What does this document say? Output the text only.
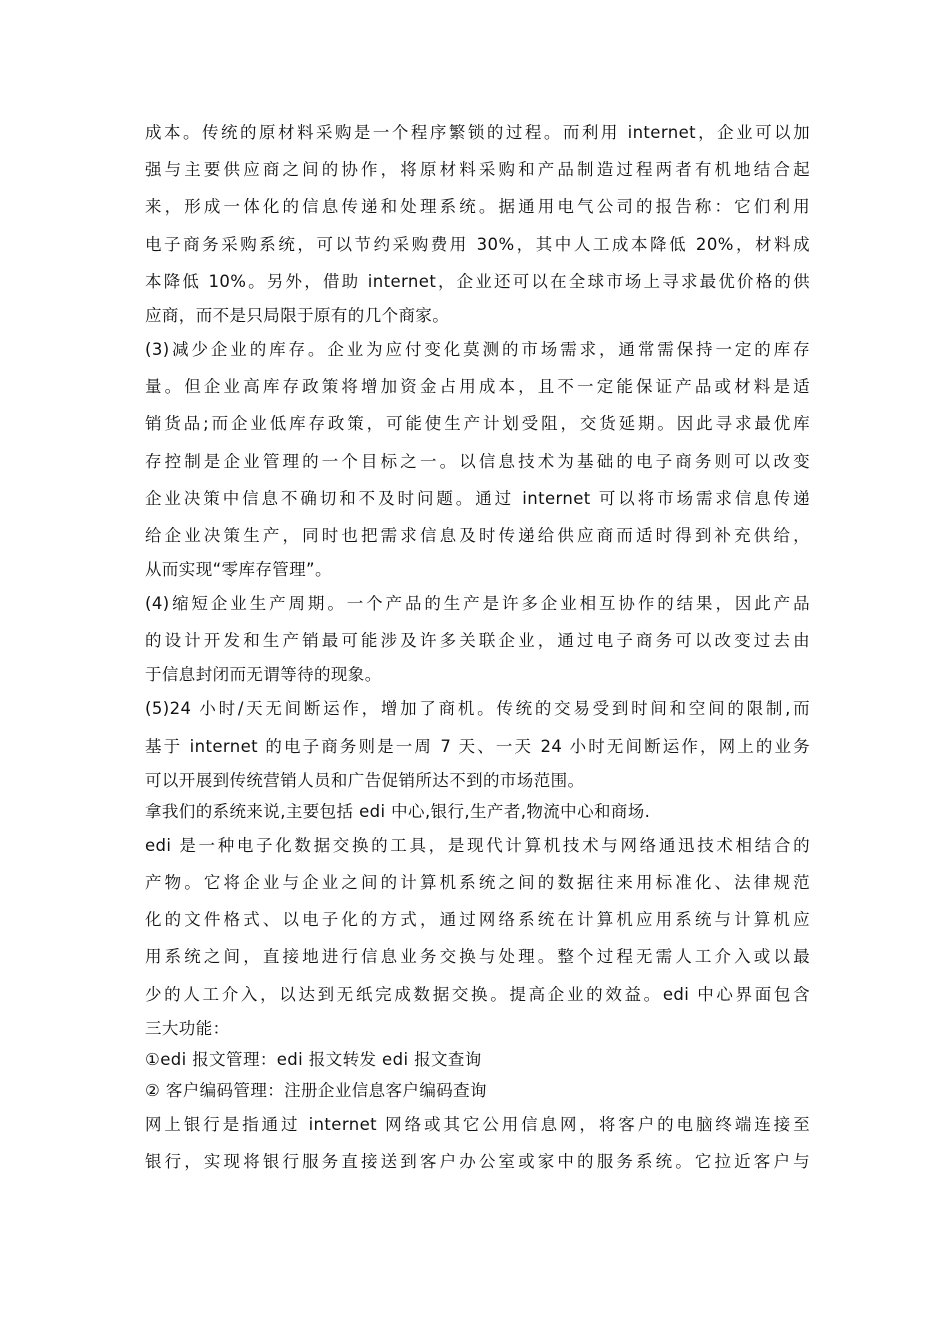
成本。传统的原材料采购是一个程序繁锁的过程。而利用 internet，企业可以加
强与主要供应商之间的协作，将原材料采购和产品制造过程两者有机地结合起
来，形成一体化的信息传递和处理系统。据通用电气公司的报告称：它们利用
电子商务采购系统，可以节约采购费用 30%，其中人工成本降低 20%，材料成
本降低 10%。另外，借助 internet，企业还可以在全球市场上寻求最优价格的供
应商，而不是只局限于原有的几个商家。
(3)减少企业的库存。企业为应付变化莫测的市场需求，通常需保持一定的库存
量。但企业高库存政策将增加资金占用成本，且不一定能保证产品或材料是适
销货品;而企业低库存政策，可能使生产计划受阻，交货延期。因此寻求最优库
存控制是企业管理的一个目标之一。以信息技术为基础的电子商务则可以改变
企业决策中信息不确切和不及时问题。通过 internet 可以将市场需求信息传递
给企业决策生产，同时也把需求信息及时传递给供应商而适时得到补充供给，
从而实现“零库存管理”。
(4)缩短企业生产周期。一个产品的生产是许多企业相互协作的结果，因此产品
的设计开发和生产销最可能涉及许多关联企业，通过电子商务可以改变过去由
于信息封闭而无谓等待的现象。
(5)24 小时/天无间断运作，增加了商机。传统的交易受到时间和空间的限制,而
基于 internet 的电子商务则是一周 7 天、一天 24 小时无间断运作，网上的业务
可以开展到传统营销人员和广告促销所达不到的市场范围。
拿我们的系统来说,主要包括 edi 中心,银行,生产者,物流中心和商场.
edi 是一种电子化数据交换的工具，是现代计算机技术与网络通迅技术相结合的
产物。它将企业与企业之间的计算机系统之间的数据往来用标准化、法律规范
化的文件格式、以电子化的方式，通过网络系统在计算机应用系统与计算机应
用系统之间，直接地进行信息业务交换与处理。整个过程无需人工介入或以最
少的人工介入，以达到无纸完成数据交换。提高企业的效益。edi 中心界面包含
三大功能：
①edi 报文管理：edi 报文转发 edi 报文查询
② 客户编码管理：注册企业信息客户编码查询
网上银行是指通过 internet 网络或其它公用信息网，将客户的电脑终端连接至
银行，实现将银行服务直接送到客户办公室或家中的服务系统。它拉近客户与
